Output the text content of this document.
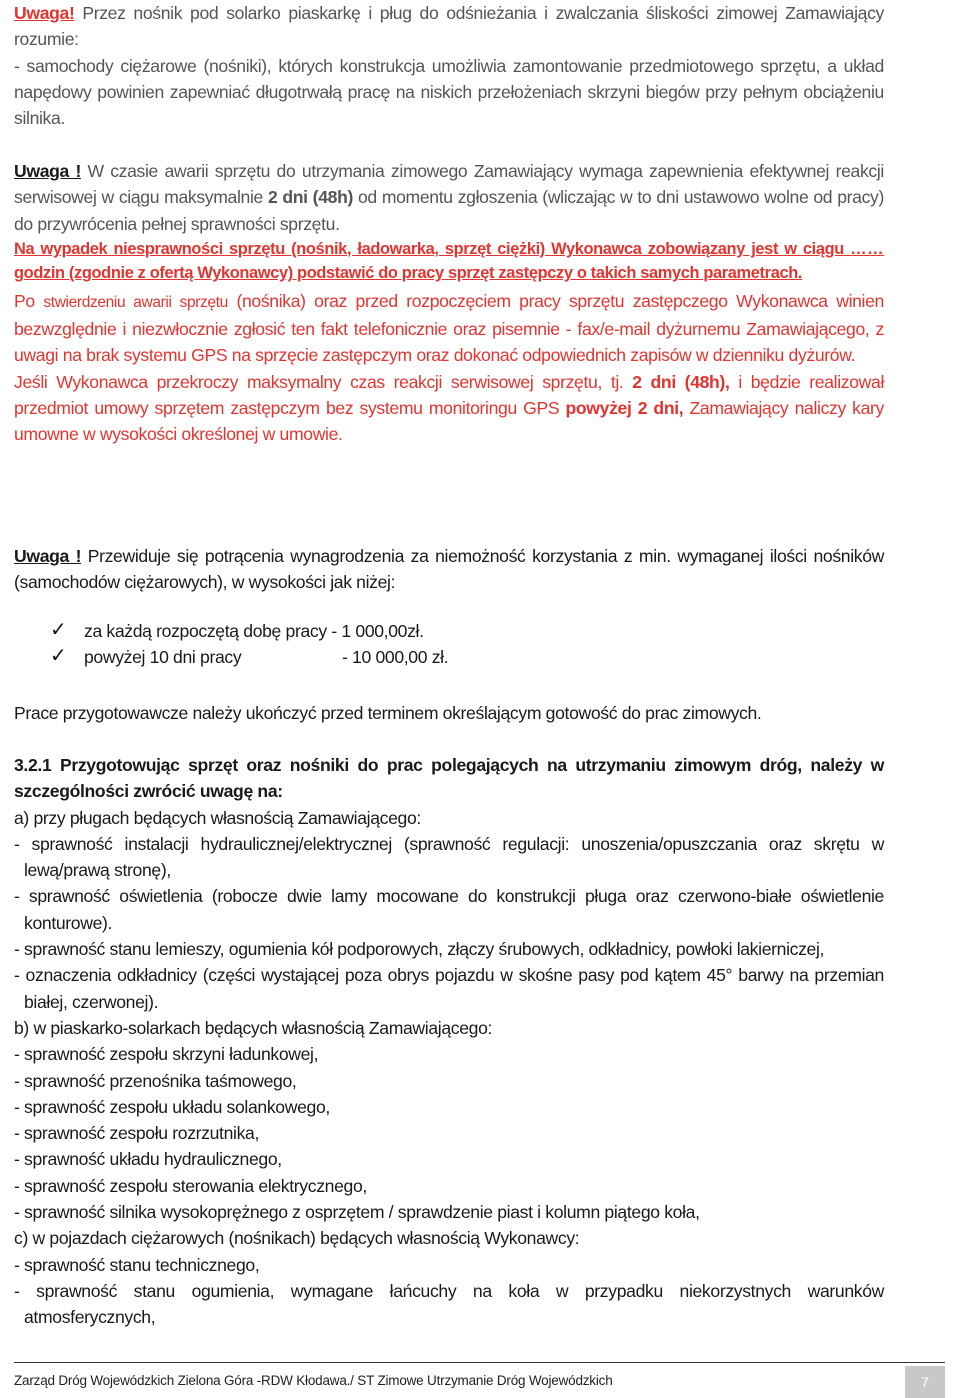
Uwaga! Przez nośnik pod solarko piaskarkę i pług do odśnieżania i zwalczania śliskości zimowej Zamawiający rozumie:

- samochody ciężarowe (nośniki), których konstrukcja umożliwia zamontowanie przedmiotowego sprzętu, a układ napędowy powinien zapewniać długotrwałą pracę na niskich przełożeniach skrzyni biegów przy pełnym obciążeniu silnika.

Uwaga ! W czasie awarii sprzętu do utrzymania zimowego Zamawiający wymaga zapewnienia efektywnej reakcji serwisowej w ciągu maksymalnie 2 dni (48h) od momentu zgłoszenia (wliczając w to dni ustawowo wolne od pracy) do przywrócenia pełnej sprawności sprzętu.

Na wypadek niesprawności sprzętu (nośnik, ładowarka, sprzęt ciężki) Wykonawca zobowiązany jest w ciągu …… godzin (zgodnie z ofertą Wykonawcy) podstawić do pracy sprzęt zastępczy o takich samych parametrach.

Po stwierdzeniu awarii sprzętu (nośnika) oraz przed rozpoczęciem pracy sprzętu zastępczego Wykonawca winien bezwzględnie i niezwłocznie zgłosić ten fakt telefonicznie oraz pisemnie - fax/e-mail dyżurnemu Zamawiającego, z uwagi na brak systemu GPS na sprzęcie zastępczym oraz dokonać odpowiednich zapisów w dzienniku dyżurów.

Jeśli Wykonawca przekroczy maksymalny czas reakcji serwisowej sprzętu, tj. 2 dni (48h), i będzie realizował przedmiot umowy sprzętem zastępczym bez systemu monitoringu GPS powyżej 2 dni, Zamawiający naliczy kary umowne w wysokości określonej w umowie.

Uwaga ! Przewiduje się potrącenia wynagrodzenia za niemożność korzystania z min. wymaganej ilości nośników (samochodów ciężarowych), w wysokości jak niżej:

✓ za każdą rozpoczętą dobę pracy - 1 000,00zł.
✓ powyżej 10 dni pracy	- 10 000,00 zł.

Prace przygotowawcze należy ukończyć przed terminem określającym gotowość do prac zimowych.

3.2.1 Przygotowując sprzęt oraz nośniki do prac polegających na utrzymaniu zimowym dróg, należy w szczególności zwrócić uwagę na:

a) przy pługach będących własnością Zamawiającego:

- sprawność instalacji hydraulicznej/elektrycznej (sprawność regulacji: unoszenia/opuszczania oraz skrętu w lewą/prawą stronę),

- sprawność oświetlenia (robocze dwie lamy mocowane do konstrukcji pługa oraz czerwono-białe oświetlenie konturowe).

- sprawność stanu lemieszy, ogumienia kół podporowych, złączy śrubowych, odkładnicy, powłoki lakierniczej,

- oznaczenia odkładnicy (części wystającej poza obrys pojazdu w skośne pasy pod kątem 45° barwy na przemian białej, czerwonej).

b) w piaskarko-solarkach będących własnością Zamawiającego:

- sprawność zespołu skrzyni ładunkowej,

- sprawność przenośnika taśmowego,

- sprawność zespołu układu solankowego,

- sprawność zespołu rozrzutnika,

- sprawność układu hydraulicznego,

- sprawność zespołu sterowania elektrycznego,

- sprawność silnika wysokoprężnego z osprzętem / sprawdzenie piast i kolumn piątego koła,

c) w pojazdach ciężarowych (nośnikach) będących własnością Wykonawcy:

- sprawność stanu technicznego,

- sprawność stanu ogumienia, wymagane łańcuchy na koła w przypadku niekorzystnych warunków atmosferycznych,

Zarząd Dróg Wojewódzkich Zielona Góra -RDW Kłodawa./ ST Zimowe Utrzymanie Dróg Wojewódzkich	7
